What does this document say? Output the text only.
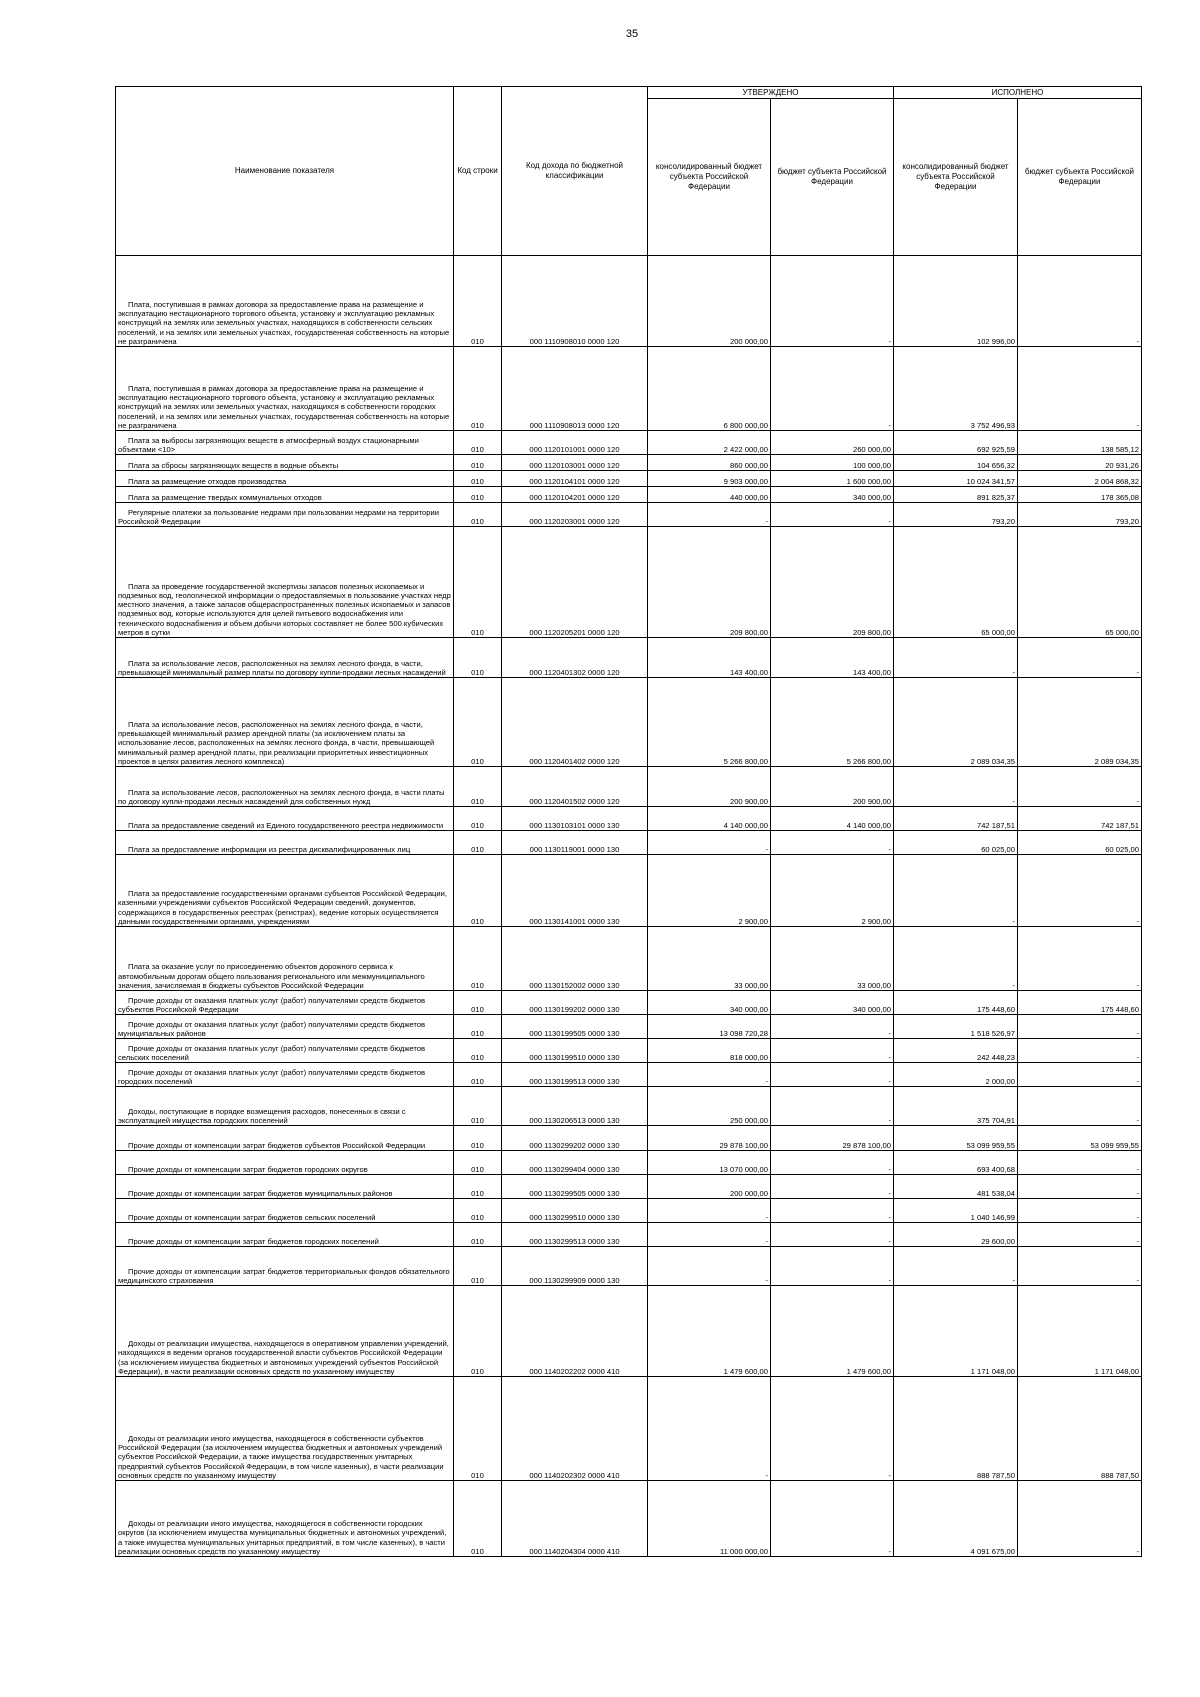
35
Наименование показателя	Код строки	Код дохода по бюджетной классификации	УТВЕРЖДЕНО		ИСПОЛНЕНО	
			консолидированный бюджет субъекта Российской Федерации	бюджет субъекта Российской Федерации	консолидированный бюджет субъекта Российской Федерации	бюджет субъекта Российской Федерации

Плата, поступившая в рамках договора за предоставление права на размещение и эксплуатацию нестационарного торгового объекта, установку и эксплуатацию рекламных конструкций на землях или земельных участках, находящихся в собственности сельских поселений, и на землях или земельных участках, государственная собственность на которые не разграничена	010	000 1110908010 0000 120	200 000,00	-	102 996,00	-

Плата, поступившая в рамках договора за предоставление права на размещение и эксплуатацию нестационарного торгового объекта, установку и эксплуатацию рекламных конструкций на землях или земельных участках, находящихся в собственности городских поселений, и на землях или земельных участках, государственная собственность на которые не разграничена	010	000 1110908013 0000 120	6 800 000,00	-	3 752 496,93	-

Плата за выбросы загрязняющих веществ в атмосферный воздух стационарными объектами <10>	010	000 1120101001 0000 120	2 422 000,00	260 000,00	692 925,59	138 585,12

Плата за сбросы загрязняющих веществ в водные объекты	010	000 1120103001 0000 120	860 000,00	100 000,00	104 656,32	20 931,26

Плата за размещение отходов производства	010	000 1120104101 0000 120	9 903 000,00	1 600 000,00	10 024 341,57	2 004 868,32

Плата за размещение твердых коммунальных отходов	010	000 1120104201 0000 120	440 000,00	340 000,00	891 825,37	178 365,08

Регулярные платежи за пользование недрами при пользовании недрами на территории Российской Федерации	010	000 1120203001 0000 120	-	-	793,20	793,20

Плата за проведение государственной экспертизы запасов полезных ископаемых и подземных вод, геологической информации о предоставляемых в пользование участках недр местного значения, а также запасов общераспространенных полезных ископаемых и запасов подземных вод, которые используются для целей питьевого водоснабжения или технического водоснабжения и объем добычи которых составляет не более 500 кубических метров в сутки	010	000 1120205201 0000 120	209 800,00	209 800,00	65 000,00	65 000,00

Плата за использование лесов, расположенных на землях лесного фонда, в части, превышающей минимальный размер платы по договору купли-продажи лесных насаждений	010	000 1120401302 0000 120	143 400,00	143 400,00	-	-

Плата за использование лесов, расположенных на землях лесного фонда, в части, превышающей минимальный размер арендной платы (за исключением платы за использование лесов, расположенных на землях лесного фонда, в части, превышающей минимальный размер арендной платы, при реализации приоритетных инвестиционных проектов в целях развития лесного комплекса)	010	000 1120401402 0000 120	5 266 800,00	5 266 800,00	2 089 034,35	2 089 034,35

Плата за использование лесов, расположенных на землях лесного фонда, в части платы по договору купли-продажи лесных насаждений для собственных нужд	010	000 1120401502 0000 120	200 900,00	200 900,00	-	-

Плата за предоставление сведений из Единого государственного реестра недвижимости	010	000 1130103101 0000 130	4 140 000,00	4 140 000,00	742 187,51	742 187,51

Плата за предоставление информации из реестра дисквалифицированных лиц	010	000 1130119001 0000 130	-	-	60 025,00	60 025,00

Плата за предоставление государственными органами субъектов Российской Федерации, казенными учреждениями субъектов Российской Федерации сведений, документов, содержащихся в государственных реестрах (регистрах), ведение которых осуществляется данными государственными органами, учреждениями	010	000 1130141001 0000 130	2 900,00	2 900,00	-	-

Плата за оказание услуг по присоединению объектов дорожного сервиса к автомобильным дорогам общего пользования регионального или межмуниципального значения, зачисляемая в бюджеты субъектов Российской Федерации	010	000 1130152002 0000 130	33 000,00	33 000,00	-	-

Прочие доходы от оказания платных услуг (работ) получателями средств бюджетов субъектов Российской Федерации	010	000 1130199202 0000 130	340 000,00	340 000,00	175 448,60	175 448,60

Прочие доходы от оказания платных услуг (работ) получателями средств бюджетов муниципальных районов	010	000 1130199505 0000 130	13 098 720,28	-	1 518 526,97	-

Прочие доходы от оказания платных услуг (работ) получателями средств бюджетов сельских поселений	010	000 1130199510 0000 130	818 000,00	-	242 448,23	-

Прочие доходы от оказания платных услуг (работ) получателями средств бюджетов городских поселений	010	000 1130199513 0000 130	-	-	2 000,00	-

Доходы, поступающие в порядке возмещения расходов, понесенных в связи с эксплуатацией имущества городских поселений	010	000 1130206513 0000 130	250 000,00	-	375 704,91	-

Прочие доходы от компенсации затрат бюджетов субъектов Российской Федерации	010	000 1130299202 0000 130	29 878 100,00	29 878 100,00	53 099 959,55	53 099 959,55

Прочие доходы от компенсации затрат бюджетов городских округов	010	000 1130299404 0000 130	13 070 000,00	-	693 400,68	-

Прочие доходы от компенсации затрат бюджетов муниципальных районов	010	000 1130299505 0000 130	200 000,00	-	481 538,04	-

Прочие доходы от компенсации затрат бюджетов сельских поселений	010	000 1130299510 0000 130	-	-	1 040 146,99	-

Прочие доходы от компенсации затрат бюджетов городских поселений	010	000 1130299513 0000 130	-	-	29 600,00	-

Прочие доходы от компенсации затрат бюджетов территориальных фондов обязательного медицинского страхования	010	000 1130299909 0000 130	-	-	-	-

Доходы от реализации имущества, находящегося в оперативном управлении учреждений, находящихся в ведении органов государственной власти субъектов Российской Федерации (за исключением имущества бюджетных и автономных учреждений субъектов Российской Федерации), в части реализации основных средств по указанному имуществу	010	000 1140202202 0000 410	1 479 600,00	1 479 600,00	1 171 048,00	1 171 048,00

Доходы от реализации иного имущества, находящегося в собственности субъектов Российской Федерации (за исключением имущества бюджетных и автономных учреждений субъектов Российской Федерации, а также имущества государственных унитарных предприятий субъектов Российской Федерации, в том числе казенных), в части реализации основных средств по указанному имуществу	010	000 1140202302 0000 410	-	-	888 787,50	888 787,50

Доходы от реализации иного имущества, находящегося в собственности городских округов (за исключением имущества муниципальных бюджетных и автономных учреждений, а также имущества муниципальных унитарных предприятий, в том числе казенных), в части реализации основных средств по указанному имуществу	010	000 1140204304 0000 410	11 000 000,00	-	4 091 675,00	-
